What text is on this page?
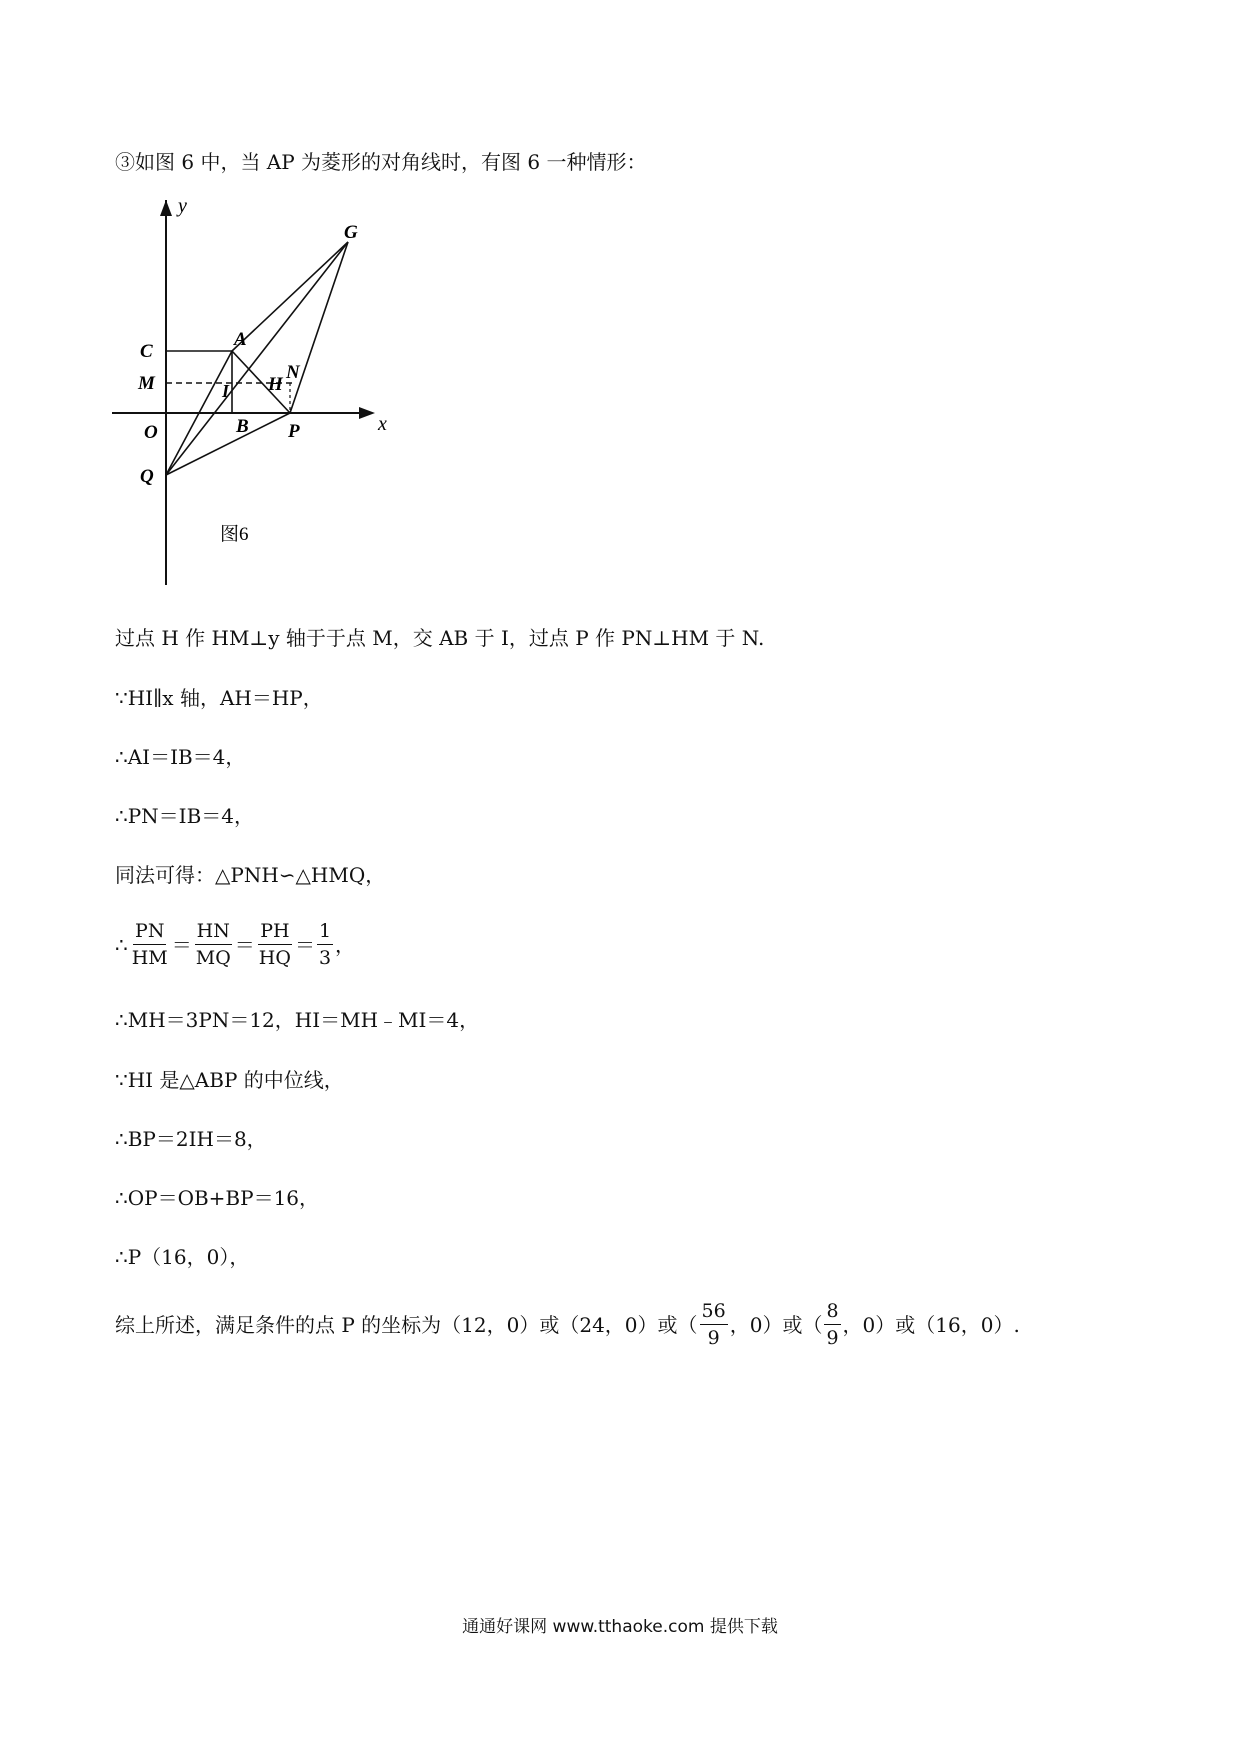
③如图 6 中，当 AP 为菱形的对角线时，有图 6 一种情形：
y
x
O
C
M
A
I H
N
B P
G
Q
图6
过点 H 作 HM⊥y 轴于于点 M，交 AB 于 I，过点 P 作 PN⊥HM 于 N.
∵HI∥x 轴，AH＝HP，
∴AI＝IB＝4，
∴PN＝IB＝4，
同法可得：△PNH∽△HMQ，
∴ $\frac{PN}{HM} = \frac{HN}{MQ} = \frac{PH}{HQ} = \frac{1}{3}$ ，
∴MH＝3PN＝12，HI＝MH﹣MI＝4，
∵HI 是△ABP 的中位线，
∴BP＝2IH＝8，
∴OP＝OB+BP＝16，
∴P（16，0），
综上所述，满足条件的点 P 的坐标为（12，0）或（24，0）或（ $\frac{56}{9}$ ，0）或（ $\frac{8}{9}$ ，0）或（16，0）.
通通好课网 www.tthaoke.com 提供下载
